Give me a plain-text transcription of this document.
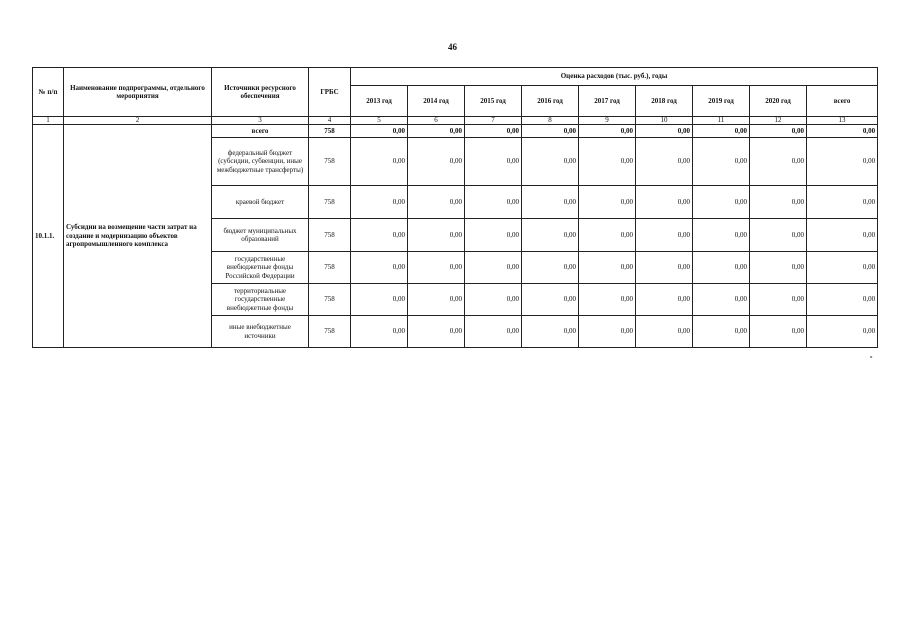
46
№ п/п	Наименование подпрограммы, отдельного мероприятия	Источники ресурсного обеспечения	ГРБС	Оценка расходов (тыс. руб.), годы								
				2013 год	2014 год	2015 год	2016 год	2017 год	2018 год	2019 год	2020 год	всего
1	2	3	4	5	6	7	8	9	10	11	12	13
10.1.1.	Субсидии на возмещение части затрат на создание и модернизацию объектов агропромышленного комплекса	всего	758	0,00	0,00	0,00	0,00	0,00	0,00	0,00	0,00	0,00
		федеральный бюджет (субсидии, субвенции, иные межбюджетные трансферты)	758	0,00	0,00	0,00	0,00	0,00	0,00	0,00	0,00	0,00
		краевой бюджет	758	0,00	0,00	0,00	0,00	0,00	0,00	0,00	0,00	0,00
		бюджет муниципальных образований	758	0,00	0,00	0,00	0,00	0,00	0,00	0,00	0,00	0,00
		государственные внебюджетные фонды Российской Федерации	758	0,00	0,00	0,00	0,00	0,00	0,00	0,00	0,00	0,00
		территориальные государственные внебюджетные фонды	758	0,00	0,00	0,00	0,00	0,00	0,00	0,00	0,00	0,00
		иные внебюджетные источники	758	0,00	0,00	0,00	0,00	0,00	0,00	0,00	0,00	0,00
»
